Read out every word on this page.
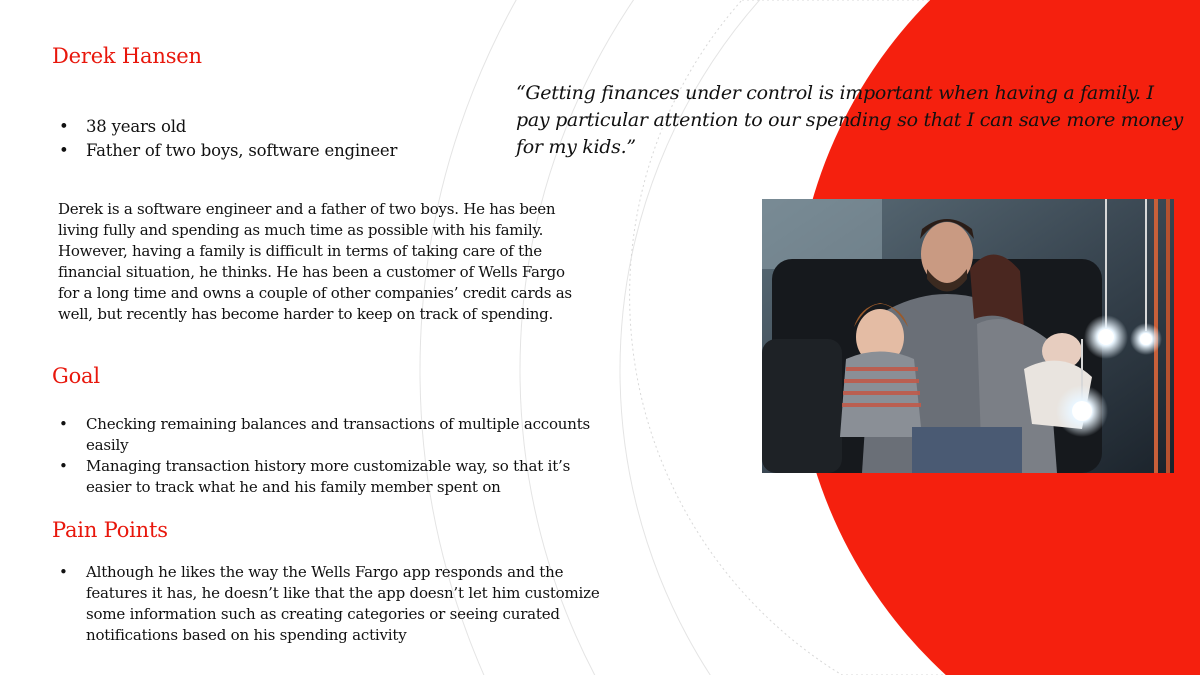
Derek Hansen
• 38 years old
• Father of two boys, software engineer

Derek is a software engineer and a father of two boys. He has been living fully and spending as much time as possible with his family. However, having a family is difficult in terms of taking care of the financial situation, he thinks. He has been a customer of Wells Fargo for a long time and owns a couple of other companies’ credit cards as well, but recently has become harder to keep on track of spending.

Goal
• Checking remaining balances and transactions of multiple accounts easily
• Managing transaction history more customizable way, so that it’s easier to track what he and his family member spent on
Pain Points
• Although he likes the way the Wells Fargo app responds and the features it has, he doesn’t like that the app doesn’t let him customize some information such as creating categories or seeing curated notifications based on his spending activity

“Getting finances under control is important when having a family. I pay particular attention to our spending so that I can save more money for my kids.”
